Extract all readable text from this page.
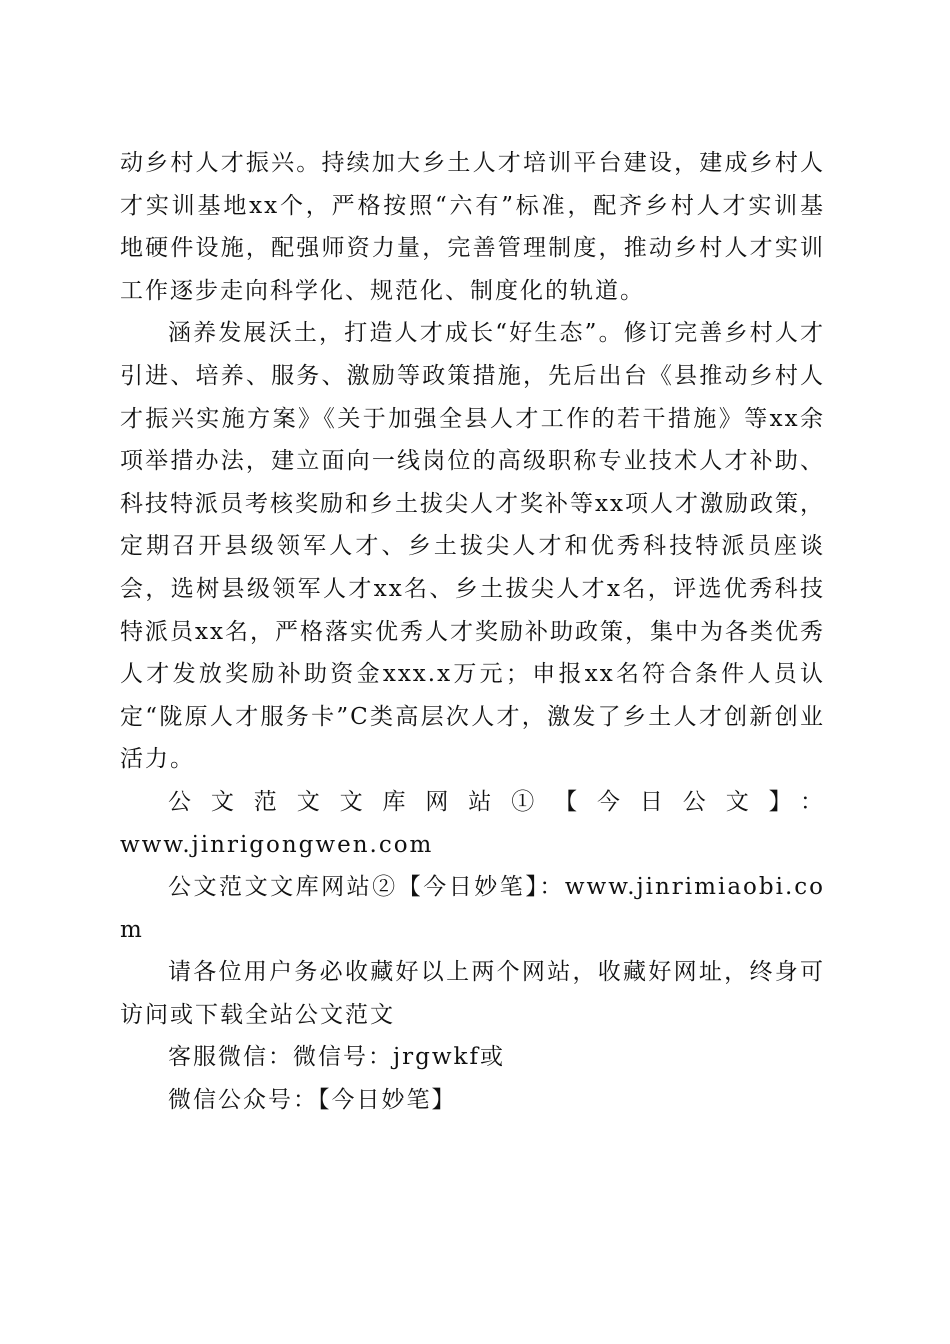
动乡村人才振兴。持续加大乡土人才培训平台建设，建成乡村人才实训基地xx个，严格按照“六有”标准，配齐乡村人才实训基地硬件设施，配强师资力量，完善管理制度，推动乡村人才实训工作逐步走向科学化、规范化、制度化的轨道。

涵养发展沃土，打造人才成长“好生态”。修订完善乡村人才引进、培养、服务、激励等政策措施，先后出台《县推动乡村人才振兴实施方案》《关于加强全县人才工作的若干措施》等xx余项举措办法，建立面向一线岗位的高级职称专业技术人才补助、科技特派员考核奖励和乡土拔尖人才奖补等xx项人才激励政策，定期召开县级领军人才、乡土拔尖人才和优秀科技特派员座谈会，选树县级领军人才xx名、乡土拔尖人才x名，评选优秀科技特派员xx名，严格落实优秀人才奖励补助政策，集中为各类优秀人才发放奖励补助资金xxx.x万元；申报xx名符合条件人员认定“陇原人才服务卡”C类高层次人才，激发了乡土人才创新创业活力。

公文范文文库网站①【今日公文】：

www.jinrigongwen.com

公文范文文库网站②【今日妙笔】：www.jinrimiaobi.com

请各位用户务必收藏好以上两个网站，收藏好网址，终身可访问或下载全站公文范文

客服微信：微信号：jrgwkf或

微信公众号：【今日妙笔】
